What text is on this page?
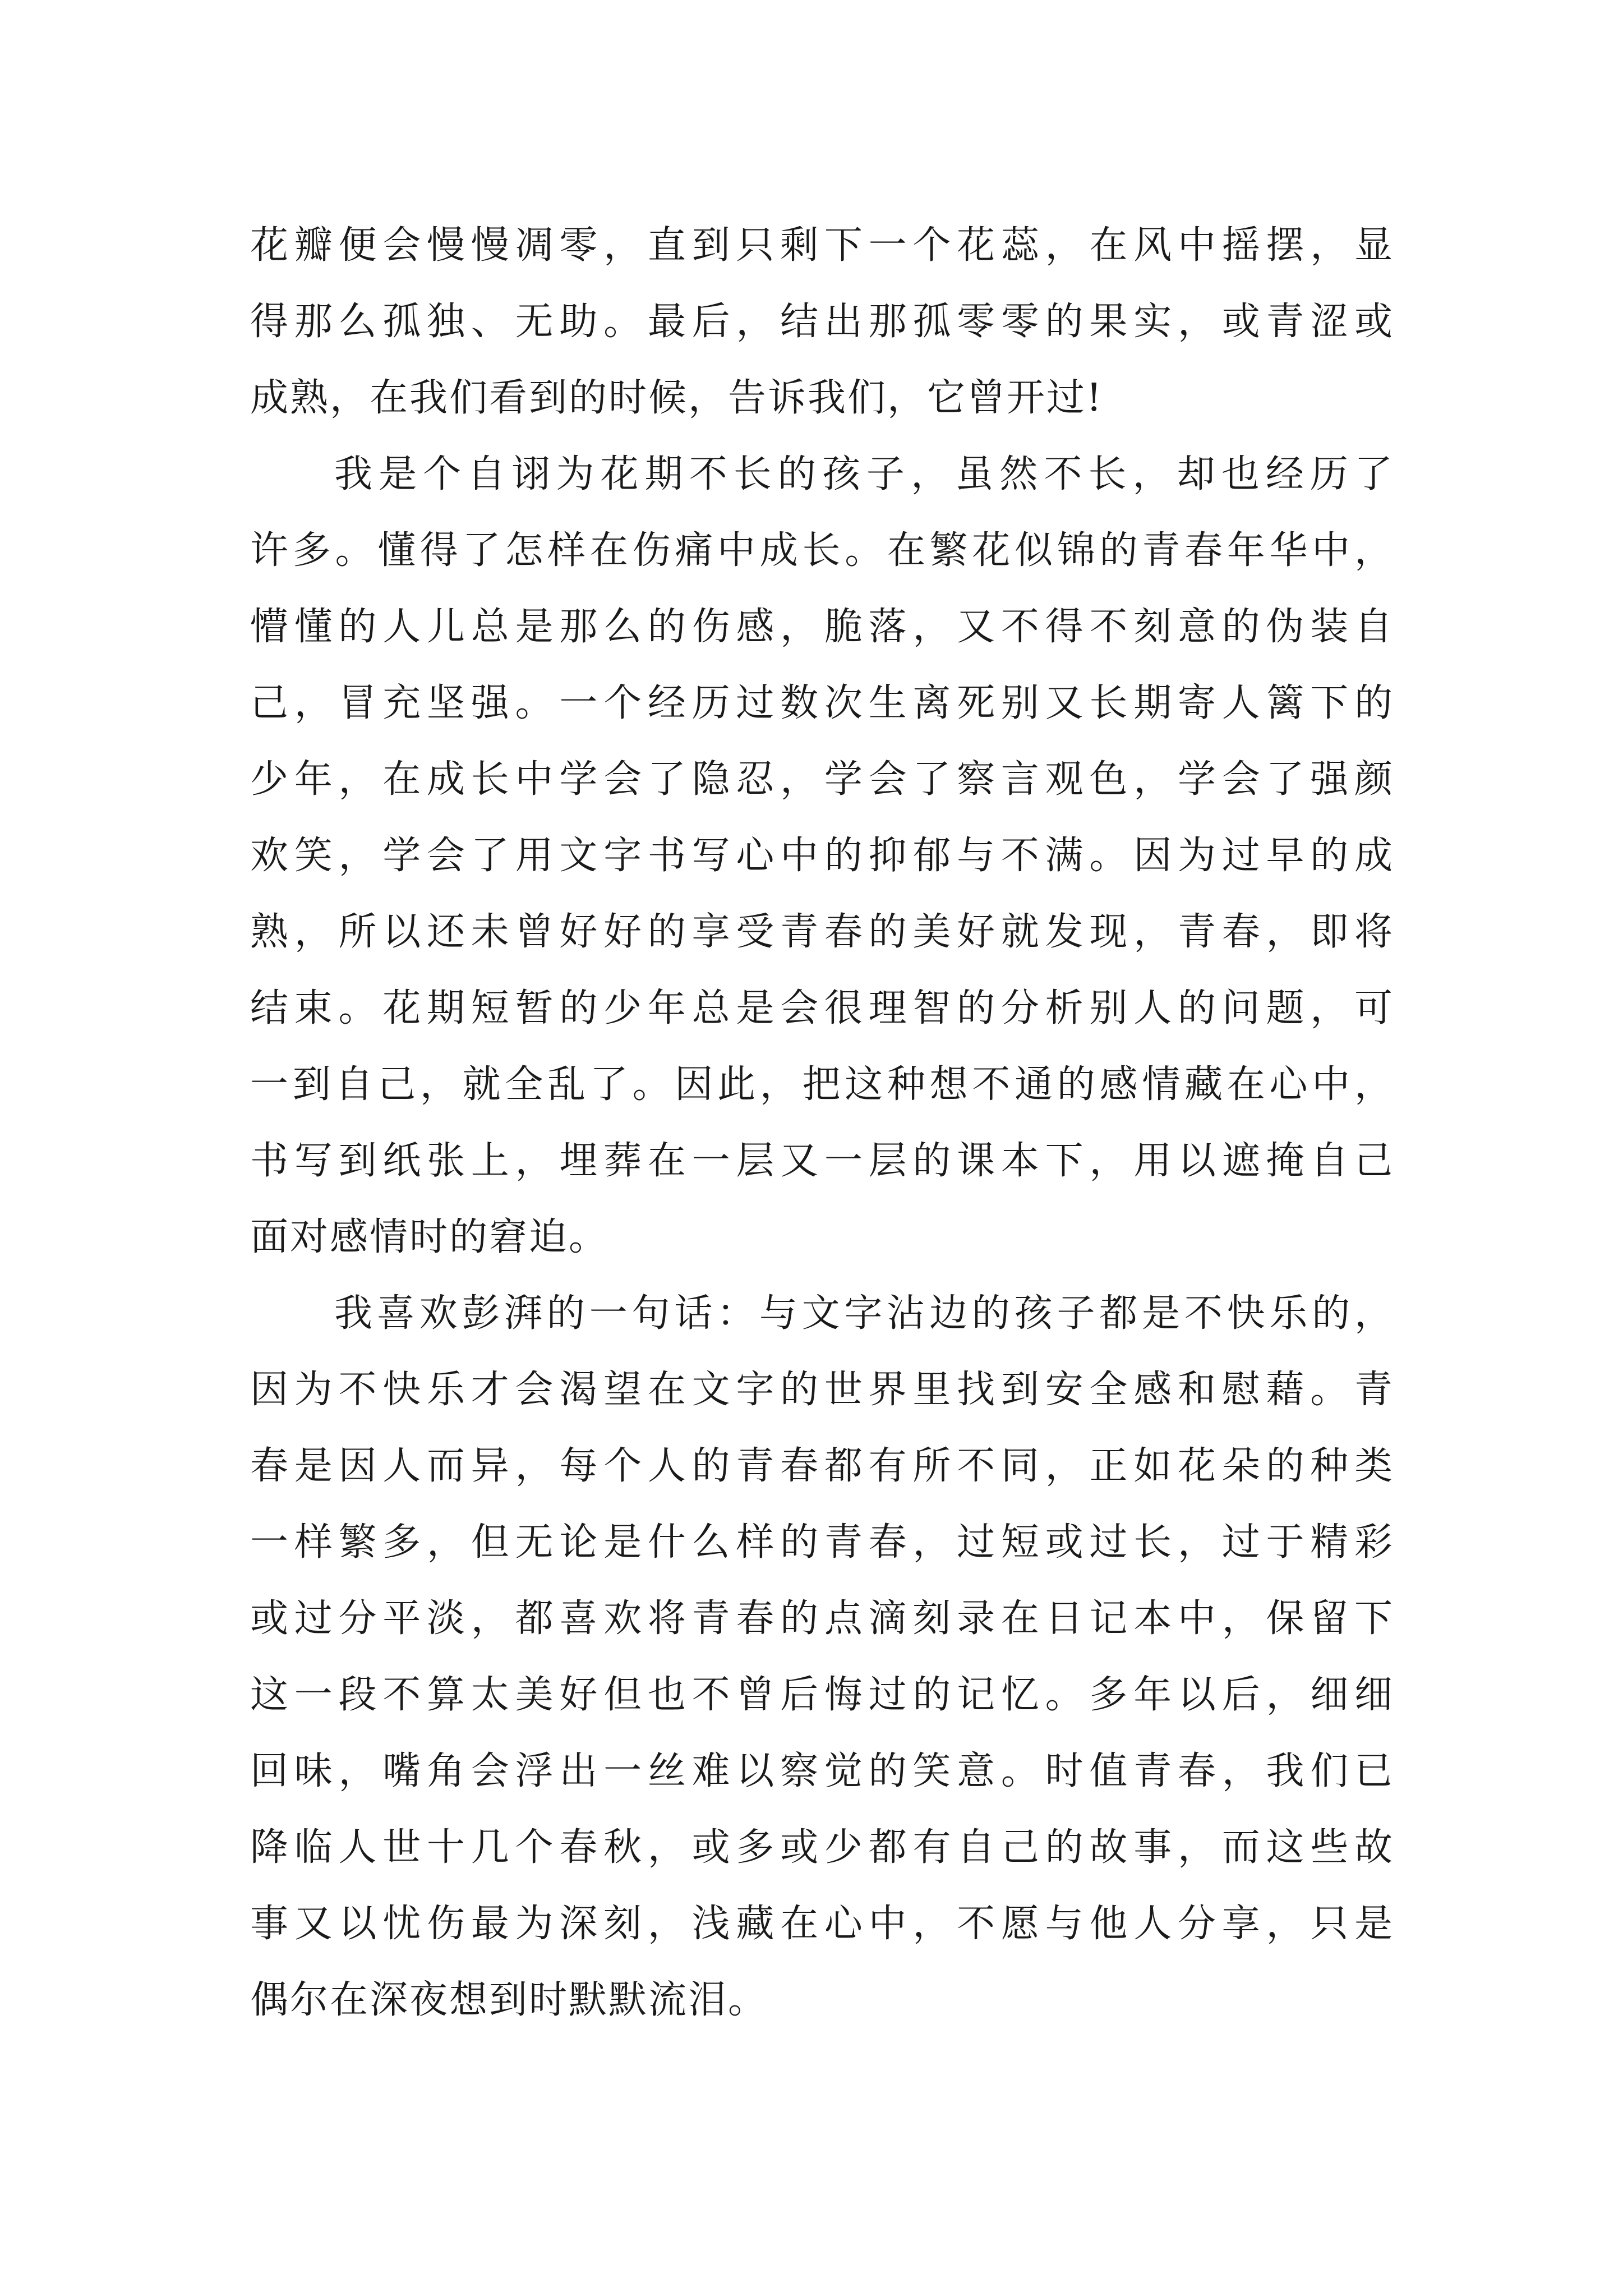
花瓣便会慢慢凋零，直到只剩下一个花蕊，在风中摇摆，显
得那么孤独、无助。最后，结出那孤零零的果实，或青涩或
成熟，在我们看到的时候，告诉我们，它曾开过!
我是个自诩为花期不长的孩子，虽然不长，却也经历了
许多。懂得了怎样在伤痛中成长。在繁花似锦的青春年华中，
懵懂的人儿总是那么的伤感，脆落，又不得不刻意的伪装自
己，冒充坚强。一个经历过数次生离死别又长期寄人篱下的
少年，在成长中学会了隐忍，学会了察言观色，学会了强颜
欢笑，学会了用文字书写心中的抑郁与不满。因为过早的成
熟，所以还未曾好好的享受青春的美好就发现，青春，即将
结束。花期短暂的少年总是会很理智的分析别人的问题，可
一到自己，就全乱了。因此，把这种想不通的感情藏在心中，
书写到纸张上，埋葬在一层又一层的课本下，用以遮掩自己
面对感情时的窘迫。
我喜欢彭湃的一句话：与文字沾边的孩子都是不快乐的，
因为不快乐才会渴望在文字的世界里找到安全感和慰藉。青
春是因人而异，每个人的青春都有所不同，正如花朵的种类
一样繁多，但无论是什么样的青春，过短或过长，过于精彩
或过分平淡，都喜欢将青春的点滴刻录在日记本中，保留下
这一段不算太美好但也不曾后悔过的记忆。多年以后，细细
回味，嘴角会浮出一丝难以察觉的笑意。时值青春，我们已
降临人世十几个春秋，或多或少都有自己的故事，而这些故
事又以忧伤最为深刻，浅藏在心中，不愿与他人分享，只是
偶尔在深夜想到时默默流泪。
